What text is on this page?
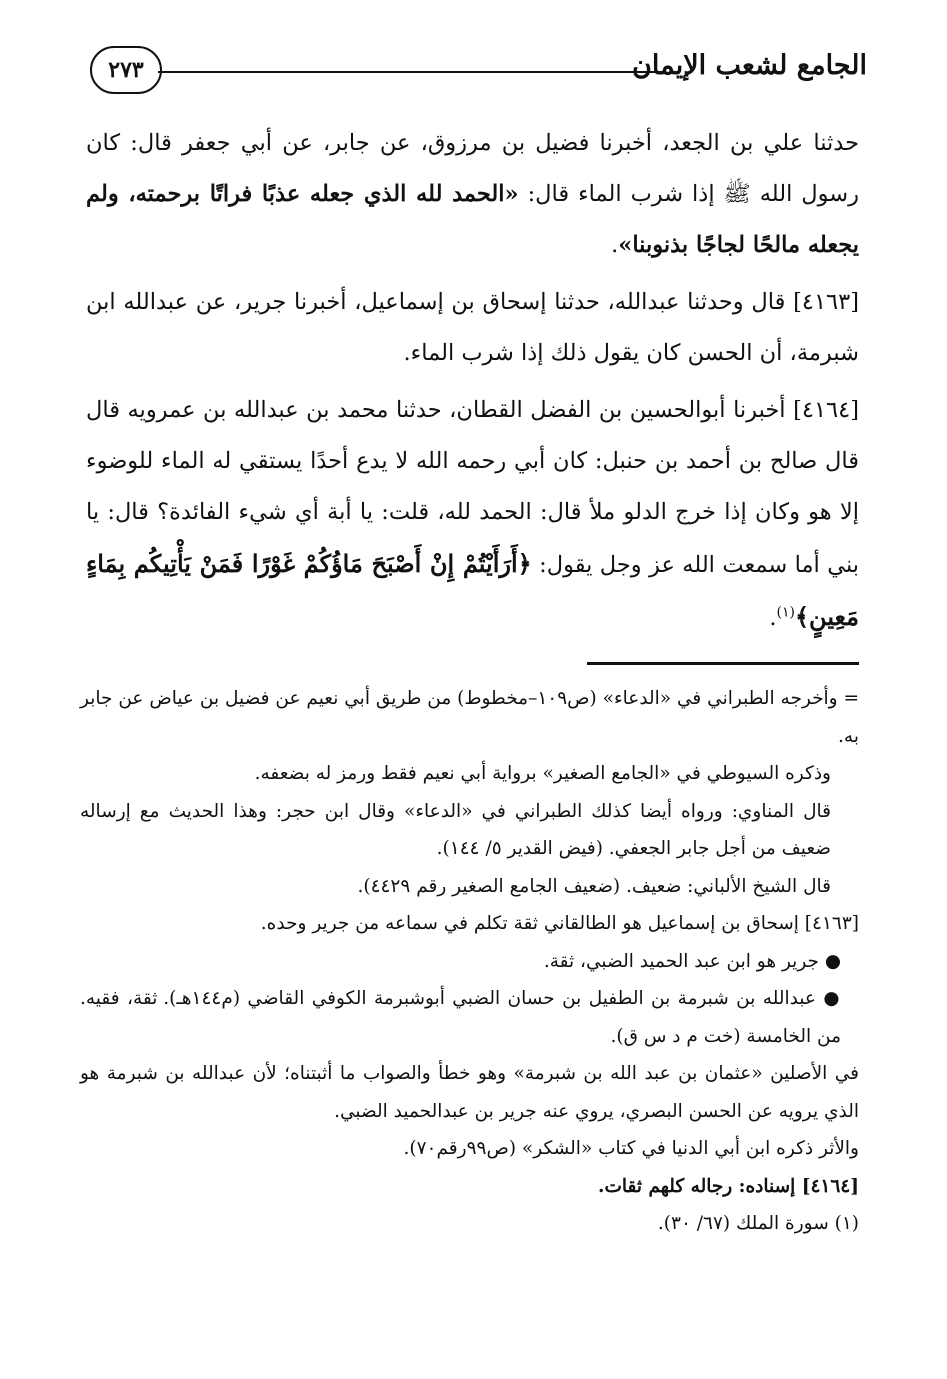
الجامع لشعب الإيمان
٢٧٣

حدثنا علي بن الجعد، أخبرنا فضيل بن مرزوق، عن جابر، عن أبي جعفر قال: كان رسول الله ﷺ إذا شرب الماء قال: «الحمد لله الذي جعله عذبًا فراتًا برحمته، ولم يجعله مالحًا لجاجًا بذنوبنا».

[٤١٦٣] قال وحدثنا عبدالله، حدثنا إسحاق بن إسماعيل، أخبرنا جرير، عن عبدالله ابن شبرمة، أن الحسن كان يقول ذلك إذا شرب الماء.

[٤١٦٤] أخبرنا أبوالحسين بن الفضل القطان، حدثنا محمد بن عبدالله بن عمرويه قال قال صالح بن أحمد بن حنبل: كان أبي رحمه الله لا يدع أحدًا يستقي له الماء للوضوء إلا هو وكان إذا خرج الدلو ملأ قال: الحمد لله، قلت: يا أبة أي شيء الفائدة؟ قال: يا بني أما سمعت الله عز وجل يقول: ﴿أَرَأَيْتُمْ إِنْ أَصْبَحَ مَاؤُكُمْ غَوْرًا فَمَنْ يَأْتِيكُم بِمَاءٍ مَعِينٍ﴾$^{(١)}$.

= وأخرجه الطبراني في «الدعاء» (ص١٠٩–مخطوط) من طريق أبي نعيم عن فضيل بن عياض عن جابر به.

وذكره السيوطي في «الجامع الصغير» برواية أبي نعيم فقط ورمز له بضعفه.

قال المناوي: ورواه أيضا كذلك الطبراني في «الدعاء» وقال ابن حجر: وهذا الحديث مع إرساله ضعيف من أجل جابر الجعفي. (فيض القدير ٥/ ١٤٤).

قال الشيخ الألباني: ضعيف. (ضعيف الجامع الصغير رقم ٤٤٢٩).

[٤١٦٣] إسحاق بن إسماعيل هو الطالقاني ثقة تكلم في سماعه من جرير وحده.

● جرير هو ابن عبد الحميد الضبي، ثقة.

● عبدالله بن شبرمة بن الطفيل بن حسان الضبي أبوشبرمة الكوفي القاضي (م١٤٤هـ). ثقة، فقيه. من الخامسة (خت م د س ق).

في الأصلين «عثمان بن عبد الله بن شبرمة» وهو خطأ والصواب ما أثبتناه؛ لأن عبدالله بن شبرمة هو الذي يرويه عن الحسن البصري، يروي عنه جرير بن عبدالحميد الضبي.

والأثر ذكره ابن أبي الدنيا في كتاب «الشكر» (ص٩٩رقم٧٠).

[٤١٦٤] إسناده: رجاله كلهم ثقات.

(١) سورة الملك (٦٧/ ٣٠).
